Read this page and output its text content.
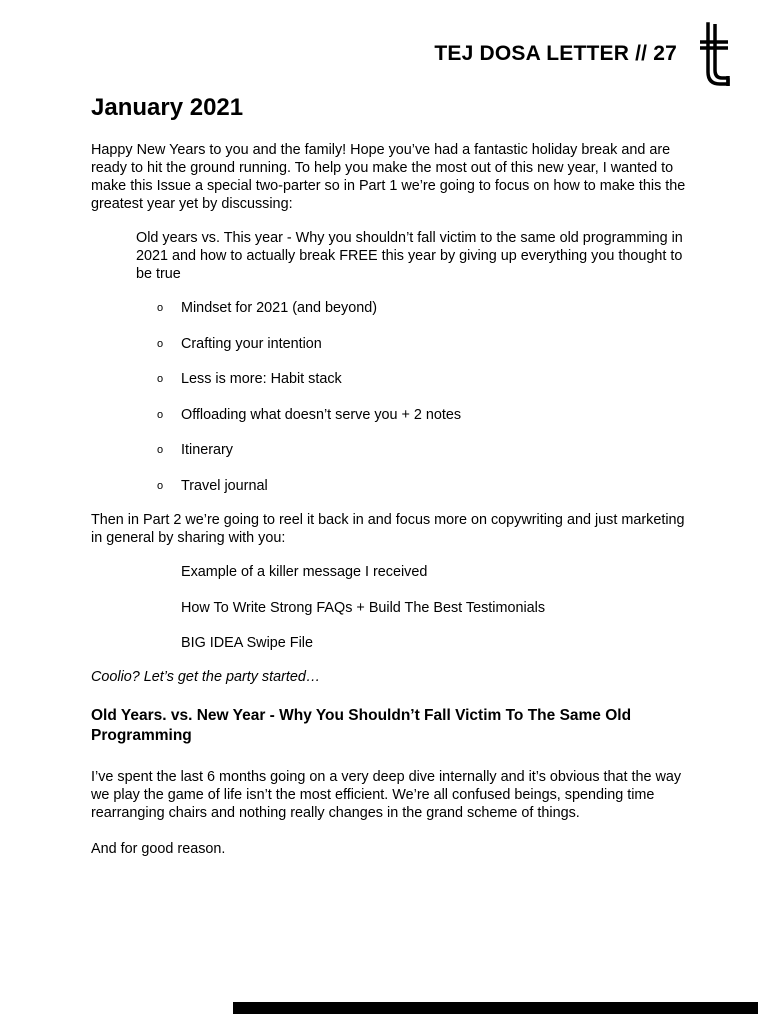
TEJ DOSA LETTER // 27
January 2021

Happy New Years to you and the family! Hope you’ve had a fantastic holiday break and are ready to hit the ground running. To help you make the most out of this new year, I wanted to make this Issue a special two-parter so in Part 1 we’re going to focus on how to make this the greatest year yet by discussing:

Old years vs. This year - Why you shouldn’t fall victim to the same old programming in 2021 and how to actually break FREE this year by giving up everything you thought to be true

o Mindset for 2021 (and beyond)
o Crafting your intention
o Less is more: Habit stack
o Offloading what doesn’t serve you + 2 notes
o Itinerary
o Travel journal

Then in Part 2 we’re going to reel it back in and focus more on copywriting and just marketing in general by sharing with you:

Example of a killer message I received
How To Write Strong FAQs + Build The Best Testimonials
BIG IDEA Swipe File

Coolio? Let’s get the party started…

Old Years. vs. New Year - Why You Shouldn’t Fall Victim To The Same Old Programming

I’ve spent the last 6 months going on a very deep dive internally and it’s obvious that the way we play the game of life isn’t the most efficient. We’re all confused beings, spending time rearranging chairs and nothing really changes in the grand scheme of things.

And for good reason.
